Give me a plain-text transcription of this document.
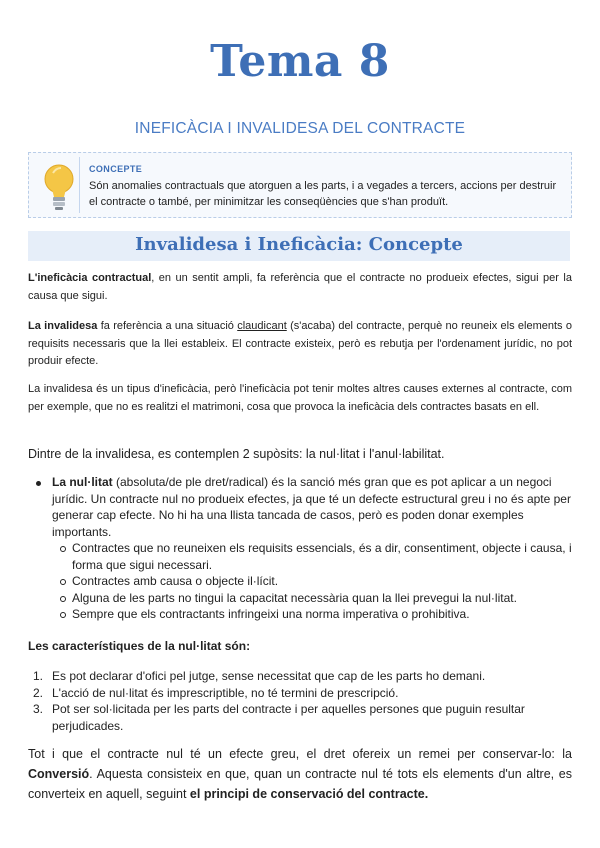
Tema 8
INEFICÀCIA I INVALIDESA DEL CONTRACTE
CONCEPTE
Són anomalies contractuals que atorguen a les parts, i a vegades a tercers, accions per destruir el contracte o també, per minimitzar les conseqüències que s'han produït.
Invalidesa i Ineficàcia: Concepte
L'ineficàcia contractual, en un sentit ampli, fa referència que el contracte no produeix efectes, sigui per la causa que sigui.
La invalidesa fa referència a una situació claudicant (s'acaba) del contracte, perquè no reuneix els elements o requisits necessaris que la llei estableix. El contracte existeix, però es rebutja per l'ordenament jurídic, no pot produir efecte.
La invalidesa és un tipus d'ineficàcia, però l'ineficàcia pot tenir moltes altres causes externes al contracte, com per exemple, que no es realitzi el matrimoni, cosa que provoca la ineficàcia dels contractes basats en ell.
Dintre de la invalidesa, es contemplen 2 supòsits: la nul·litat i l'anul·labilitat.
La nul·litat (absoluta/de ple dret/radical) és la sanció més gran que es pot aplicar a un negoci jurídic. Un contracte nul no produeix efectes, ja que té un defecte estructural greu i no és apte per generar cap efecte. No hi ha una llista tancada de casos, però es poden donar exemples importants.
Contractes que no reuneixen els requisits essencials, és a dir, consentiment, objecte i causa, i forma que sigui necessari.
Contractes amb causa o objecte il·lícit.
Alguna de les parts no tingui la capacitat necessària quan la llei prevegui la nul·litat.
Sempre que els contractants infringeixi una norma imperativa o prohibitiva.
Les característiques de la nul·litat són:
1. Es pot declarar d'ofici pel jutge, sense necessitat que cap de les parts ho demani.
2. L'acció de nul·litat és imprescriptible, no té termini de prescripció.
3. Pot ser sol·licitada per les parts del contracte i per aquelles persones que puguin resultar perjudicades.
Tot i que el contracte nul té un efecte greu, el dret ofereix un remei per conservar-lo: la Conversió. Aquesta consisteix en que, quan un contracte nul té tots els elements d'un altre, es converteix en aquell, seguint el principi de conservació del contracte.
